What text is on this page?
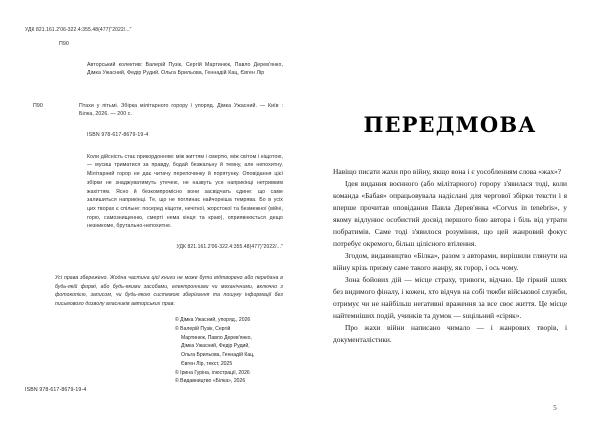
УДК 821.161.2'06-322.4:355.48(477)"2022/..."
П90
Авторський колектив: Валерій Пузік, Сергій Мартинюк, Павло Дерев'янко, Дімка Ужасний, Федір Рудий, Ольга Брильова, Геннадій Кац, Євген Лір
П90	Птахи у пітьмі. Збірка мілітарного горору / упоряд. Дімка Ужасний. — Київ : Білка, 2026. — 200 с.
ISBN 978-617-8679-19-4
Коли дійсність стає прикордонням: між життям і смертю, між світом і ніщотою, — мусиш триматися за правду, бодай безжальну й темну, але непохитну. Мілітарний горор не дає читачу перепочинку й порятунку. Оповідання цієї збірки не знаджуватимуть утечею, не назвуть усе наприкінці нетривким жахіттям. Ясно й безкомпромісно вони засвідчать єдине: що саме залишиться наприкінці. Те, що не поглинає найчорніша темрява. Бо в усіх цих творах є спільне: посеред ніщоти, нечіткої, жорстокої та безмежної (війні, горю, самознищенню, смерті нема кінця та краю), оприявнюється дещо незникоме, брутально-непохитне.
УДК 821.161.2'06-322.4:355.48(477)"2022/..."
Усі права збережено. Жодна частина цієї книги не може бути відтворено або передана в будь-якій формі, або будь-якими засобами, електронними чи механічними, включно з фотокопією, записом, чи будь-якою системою зберігання та пошуку інформації без письмового дозволу власників авторських прав.
© Дімка Ужасний, упоряд., 2026
© Валерій Пузік, Сергій
Мартинюк, Павло Дерев'янко,
Дімка Ужасний, Федір Рудий,
Ольга Брильова, Геннадій Кац,
Євген Лір, текст, 2025
© Ірина Гуріна, ілюстрації, 2026
© Видавництво «Білка», 2026
ISBN 978-617-8679-19-4
ПЕРЕДМОВА

Навіщо писати жахи про війну, якщо вона і є уособленням слова «жах»?

Ідея видання воєнного (або мілітарного) горору з'явилася тоді, коли команда «Бабая» опрацьовувала надіслані для чергової збірки тексти і я вперше прочитав оповідання Павла Дерев'янка «Corvus in tenebris», у якому відлунює особистий досвід першого бою автора і біль від утрати побратимів. Саме тоді з'явилося розуміння, що цей жанровий фокус потребує окремого, більш цілісного втілення.

Згодом, видавництво «Білка», разом з авторами, вирішили глянути на війну крізь призму саме такого жанру, як горор, і ось чому.

Зона бойових дій — місце страху, тривоги, відчаю. Це гіркий шлях без видимого фіналу, і кожен, хто відчув на собі тяжби військової служби, отримує чи не найбільш негативні враження за все своє життя. Це місце найтемніших подій, учинків та думок — suцільний «сіряк».

Про жахи війни написано чимало — і жанрових творів, і документалістики.

5
